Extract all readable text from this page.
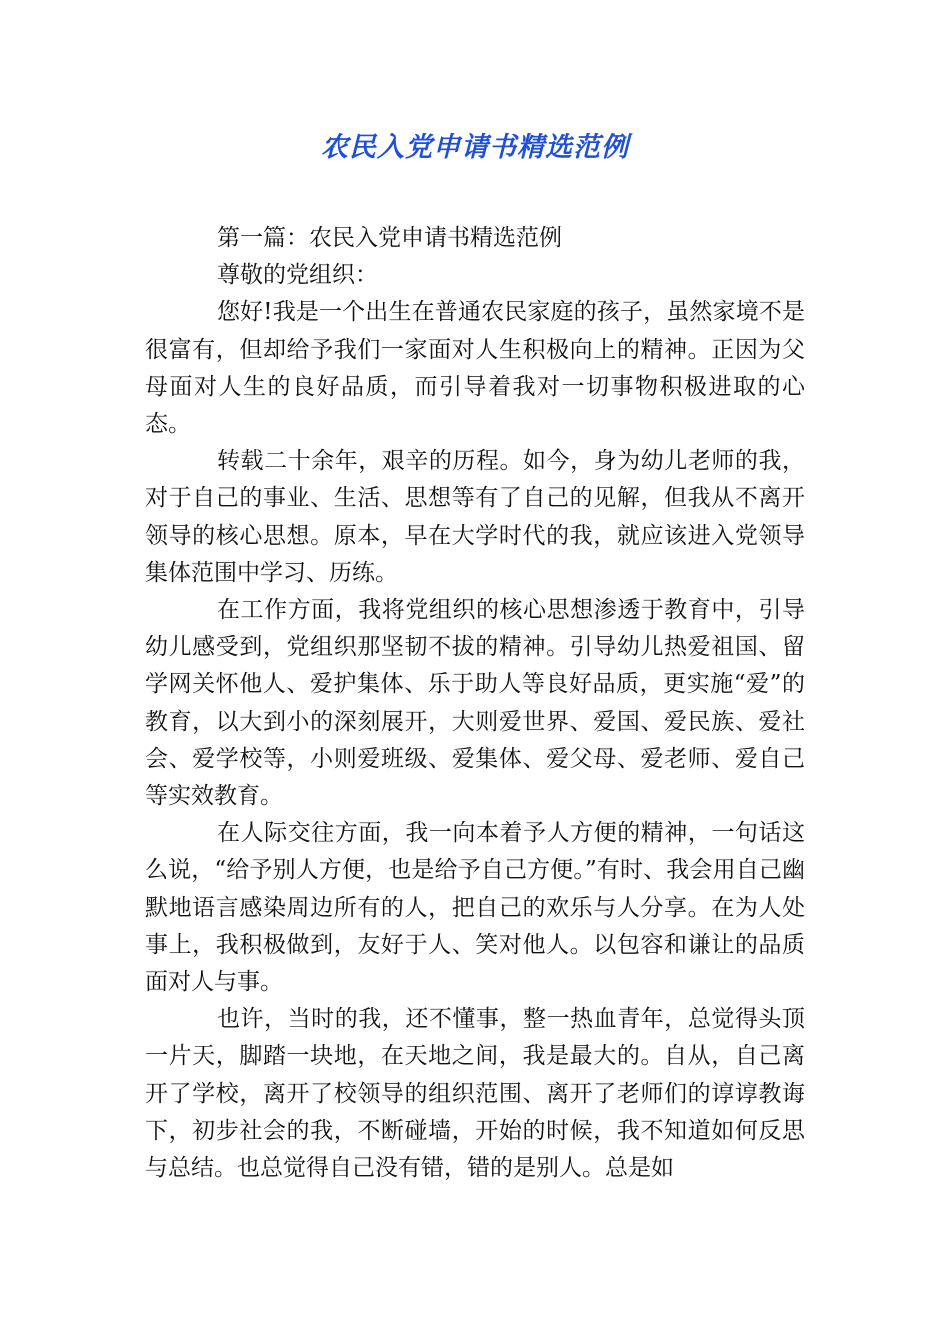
农民入党申请书精选范例

第一篇：农民入党申请书精选范例

尊敬的党组织：

您好!我是一个出生在普通农民家庭的孩子，虽然家境不是很富有，但却给予我们一家面对人生积极向上的精神。正因为父母面对人生的良好品质，而引导着我对一切事物积极进取的心态。

转载二十余年，艰辛的历程。如今，身为幼儿老师的我，对于自己的事业、生活、思想等有了自己的见解，但我从不离开领导的核心思想。原本，早在大学时代的我，就应该进入党领导集体范围中学习、历练。

在工作方面，我将党组织的核心思想渗透于教育中，引导幼儿感受到，党组织那坚韧不拔的精神。引导幼儿热爱祖国、留学网关怀他人、爱护集体、乐于助人等良好品质，更实施“爱”的教育，以大到小的深刻展开，大则爱世界、爱国、爱民族、爱社会、爱学校等，小则爱班级、爱集体、爱父母、爱老师、爱自己等实效教育。

在人际交往方面，我一向本着予人方便的精神，一句话这么说，“给予别人方便，也是给予自己方便。”有时、我会用自己幽默地语言感染周边所有的人，把自己的欢乐与人分享。在为人处事上，我积极做到，友好于人、笑对他人。以包容和谦让的品质面对人与事。

也许，当时的我，还不懂事，整一热血青年，总觉得头顶一片天，脚踏一块地，在天地之间，我是最大的。自从，自己离开了学校，离开了校领导的组织范围、离开了老师们的谆谆教诲下，初步社会的我，不断碰墙，开始的时候，我不知道如何反思与总结。也总觉得自己没有错，错的是别人。总是如
